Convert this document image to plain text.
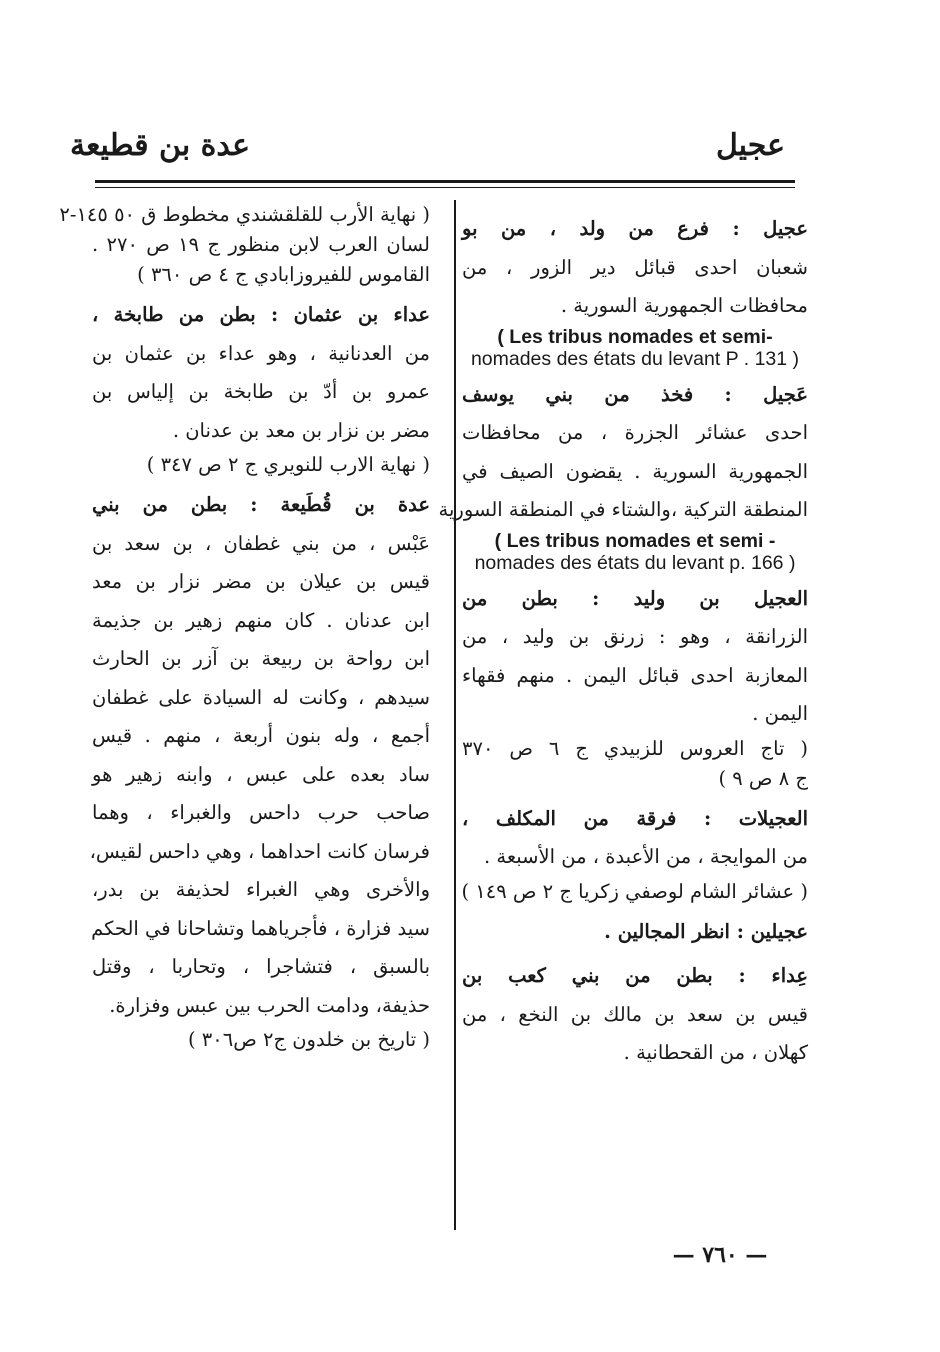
عجيل
عدة بن قطيعة
عجيل : فرع من ولد ، من بو
شعبان احدى قبائل دير الزور ، من
محافظات الجمهورية السورية .
( Les tribus nomades et semi-
nomades des états du levant P . 131 )
عَجيل : فخذ من بني يوسف
احدى عشائر الجزرة ، من محافظات
الجمهورية السورية . يقضون الصيف في
المنطقة التركية ،والشتاء في المنطقة السورية
( Les tribus nomades et semi -
nomades des états du levant p. 166 )
العجيل بن وليد : بطن من
الزرانقة ، وهو : زرنق بن وليد ، من
المعازبة احدى قبائل اليمن . منهم فقهاء
اليمن .
( تاج العروس للزبيدي ج ٦ ص ٣٧٠
ج ٨ ص ٩ )
العجيلات : فرقة من المكلف ،
من الموايجة ، من الأعبدة ، من الأسبعة .
( عشائر الشام لوصفي زكريا ج ٢ ص ١٤٩ )
عجيلين : انظر المجالين .
عِداء : بطن من بني كعب بن
قيس بن سعد بن مالك بن النخع ، من
كهلان ، من القحطانية .
( نهاية الأرب للقلقشندي مخطوط ق ٥٠ ١٤٥-٢
لسان العرب لابن منظور ج ١٩ ص ٢٧٠ .
القاموس للفيروزابادي ج ٤ ص ٣٦٠ )
عداء بن عثمان : بطن من طابخة ،
من العدنانية ، وهو عداء بن عثمان بن
عمرو بن أدّ بن طابخة بن إلياس بن
مضر بن نزار بن معد بن عدنان .
( نهاية الارب للنويري ج ٢ ص ٣٤٧ )
عدة بن قُطَيعة : بطن من بني
عَبْس ، من بني غطفان ، بن سعد بن
قيس بن عيلان بن مضر نزار بن معد
ابن عدنان . كان منهم زهير بن جذيمة
ابن رواحة بن ربيعة بن آزر بن الحارث
سيدهم ، وكانت له السيادة على غطفان
أجمع ، وله بنون أربعة ، منهم . قيس
ساد بعده على عبس ، وابنه زهير هو
صاحب حرب داحس والغبراء ، وهما
فرسان كانت احداهما ، وهي داحس لقيس،
والأخرى وهي الغبراء لحذيفة بن بدر،
سيد فزارة ، فأجرياهما وتشاحانا في الحكم
بالسبق ، فتشاجرا ، وتحاربا ، وقتل
حذيفة، ودامت الحرب بين عبس وفزارة.
( تاريخ بن خلدون ج٢ ص٣٠٦ )
— ٧٦٠ —
